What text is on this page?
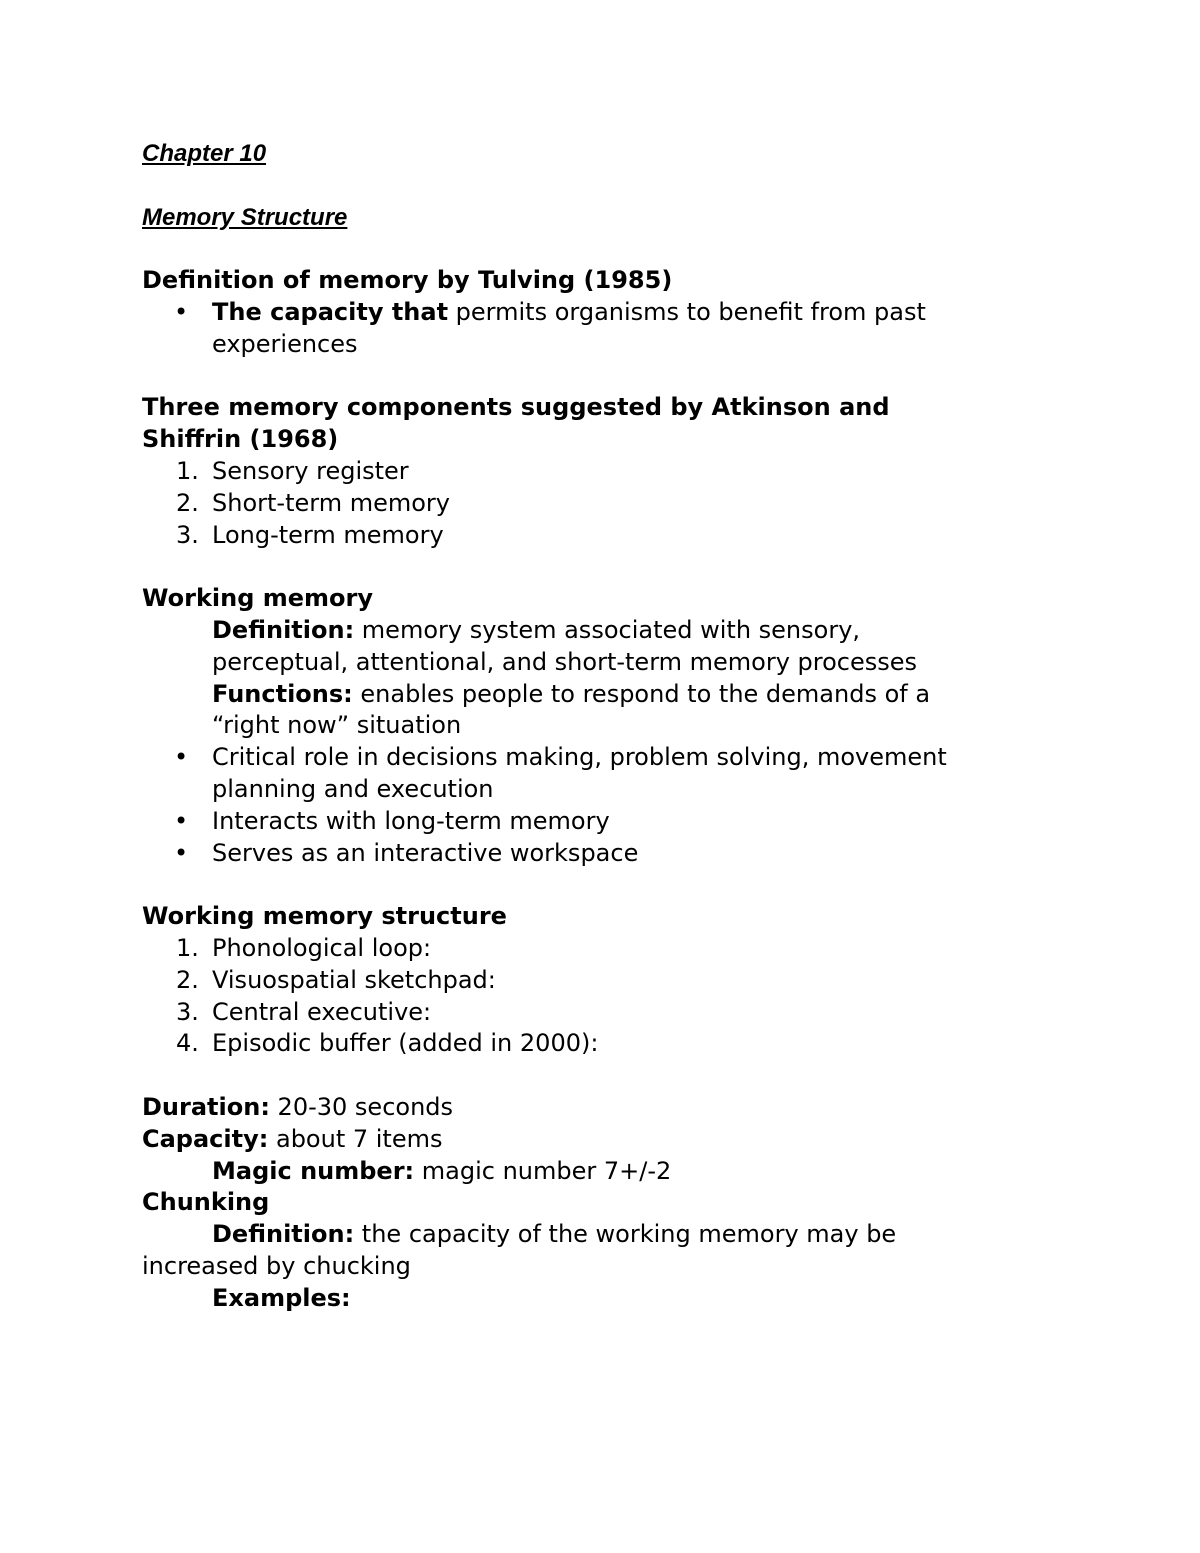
Chapter 10

Memory Structure

Definition of memory by Tulving (1985)

• The capacity that permits organisms to benefit from past
experiences

Three memory components suggested by Atkinson and

Shiffrin (1968)

1. Sensory register
2. Short-term memory
3. Long-term memory

Working memory

Definition: memory system associated with sensory,

perceptual, attentional, and short-term memory processes

Functions: enables people to respond to the demands of a

“right now” situation

• Critical role in decisions making, problem solving, movement
planning and execution
• Interacts with long-term memory
• Serves as an interactive workspace

Working memory structure

1. Phonological loop:
2. Visuospatial sketchpad:
3. Central executive:
4. Episodic buffer (added in 2000):

Duration: 20-30 seconds

Capacity: about 7 items

Magic number: magic number 7+/-2

Chunking

Definition: the capacity of the working memory may be

increased by chucking

Examples:
